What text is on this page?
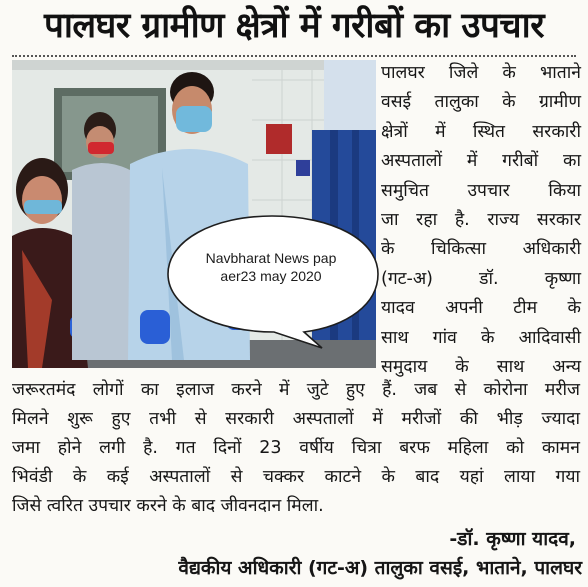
पालघर ग्रामीण क्षेत्रों में गरीबों का उपचार
पालघर जिले के भाताने
वसई तालुका के ग्रामीण
क्षेत्रों में स्थित सरकारी
अस्पतालों में गरीबों का
समुचित उपचार किया
जा रहा है. राज्य सरकार
के चिकित्सा अधिकारी
(गट-अ) डॉ. कृष्णा
यादव अपनी टीम के
साथ गांव के आदिवासी
समुदाय के साथ अन्य
जरूरतमंद लोगों का इलाज करने में जुटे हुए हैं. जब से कोरोना मरीज
मिलने शुरू हुए तभी से सरकारी अस्पतालों में मरीजों की भीड़ ज्यादा
जमा होने लगी है. गत दिनों 23 वर्षीय चित्रा बरफ महिला को कामन
भिवंडी के कई अस्पतालों से चक्कर काटने के बाद यहां लाया गया
जिसे त्वरित उपचार करने के बाद जीवनदान मिला.
-डॉ. कृष्णा यादव,
वैद्यकीय अधिकारी (गट-अ) तालुका वसई, भाताने, पालघर
Navbharat News pap
aer23 may 2020
